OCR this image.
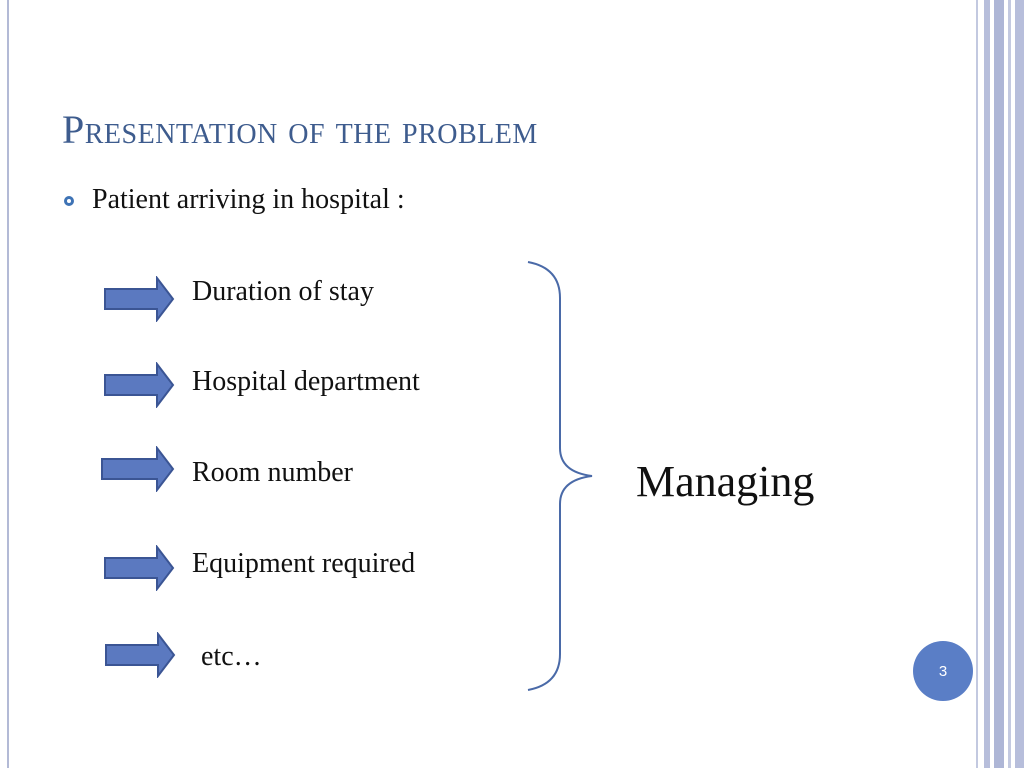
Presentation of the problem
Patient arriving in hospital :
Duration of stay
Hospital department
Room number
Equipment required
etc…
Managing
3
